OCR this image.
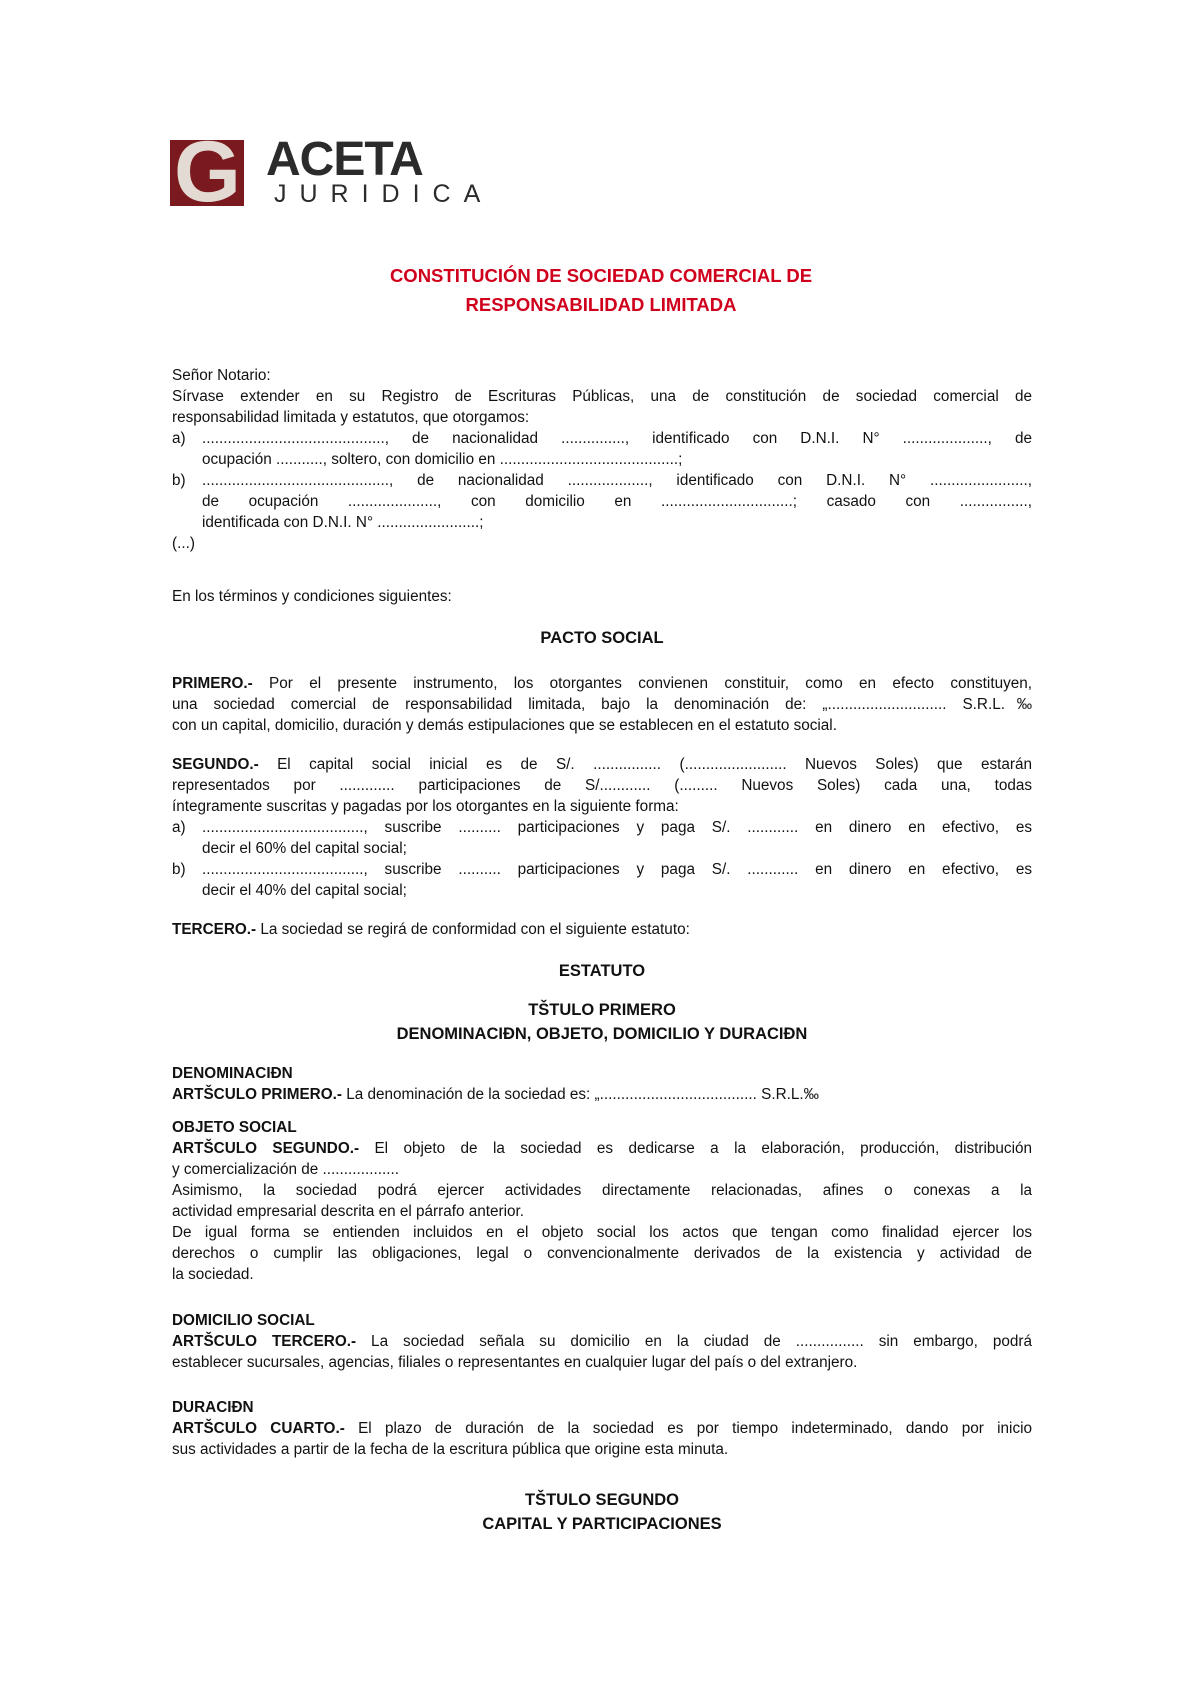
G ACETA
JURIDICA
CONSTITUCIÓN DE SOCIEDAD COMERCIAL DE
RESPONSABILIDAD LIMITADA

Señor Notario:

Sírvase extender en su Registro de Escrituras Públicas, una de constitución de sociedad comercial de

responsabilidad limitada y estatutos, que otorgamos:

a) ..........................................., de nacionalidad ..............., identificado con D.N.I. N° ...................., de

ocupación ..........., soltero, con domicilio en ..........................................;

b) ............................................, de nacionalidad ..................., identificado con D.N.I. N° .......................,

de ocupación ....................., con domicilio en ...............................; casado con ................,

identificada con D.N.I. N° ........................;

(...)

En los términos y condiciones siguientes:
PACTO SOCIAL

PRIMERO.- Por el presente instrumento, los otorgantes convienen constituir, como en efecto constituyen,

una sociedad comercial de responsabilidad limitada, bajo la denominación de: „............................ S.R.L.‰

con un capital, domicilio, duración y demás estipulaciones que se establecen en el estatuto social.

SEGUNDO.- El capital social inicial es de S/. ................ (........................ Nuevos Soles) que estarán

representados por ............. participaciones de S/............ (......... Nuevos Soles) cada una, todas

íntegramente suscritas y pagadas por los otorgantes en la siguiente forma:

a) ......................................, suscribe .......... participaciones y paga S/. ............ en dinero en efectivo, es

decir el 60% del capital social;

b) ......................................, suscribe .......... participaciones y paga S/. ............ en dinero en efectivo, es

decir el 40% del capital social;

TERCERO.- La sociedad se regirá de conformidad con el siguiente estatuto:

ESTATUTO

TŠTULO PRIMERO

DENOMINACIÐN, OBJETO, DOMICILIO Y DURACIÐN

DENOMINACIÐN

ARTŠCULO PRIMERO.- La denominación de la sociedad es: „..................................... S.R.L.‰

OBJETO SOCIAL

ARTŠCULO SEGUNDO.- El objeto de la sociedad es dedicarse a la elaboración, producción, distribución

y comercialización de ..................

Asimismo, la sociedad podrá ejercer actividades directamente relacionadas, afines o conexas a la

actividad empresarial descrita en el párrafo anterior.

De igual forma se entienden incluidos en el objeto social los actos que tengan como finalidad ejercer los

derechos o cumplir las obligaciones, legal o convencionalmente derivados de la existencia y actividad de

la sociedad.

DOMICILIO SOCIAL

ARTŠCULO TERCERO.- La sociedad señala su domicilio en la ciudad de ................ sin embargo, podrá

establecer sucursales, agencias, filiales o representantes en cualquier lugar del país o del extranjero.

DURACIÐN

ARTŠCULO CUARTO.- El plazo de duración de la sociedad es por tiempo indeterminado, dando por inicio

sus actividades a partir de la fecha de la escritura pública que origine esta minuta.

TŠTULO SEGUNDO

CAPITAL Y PARTICIPACIONES
